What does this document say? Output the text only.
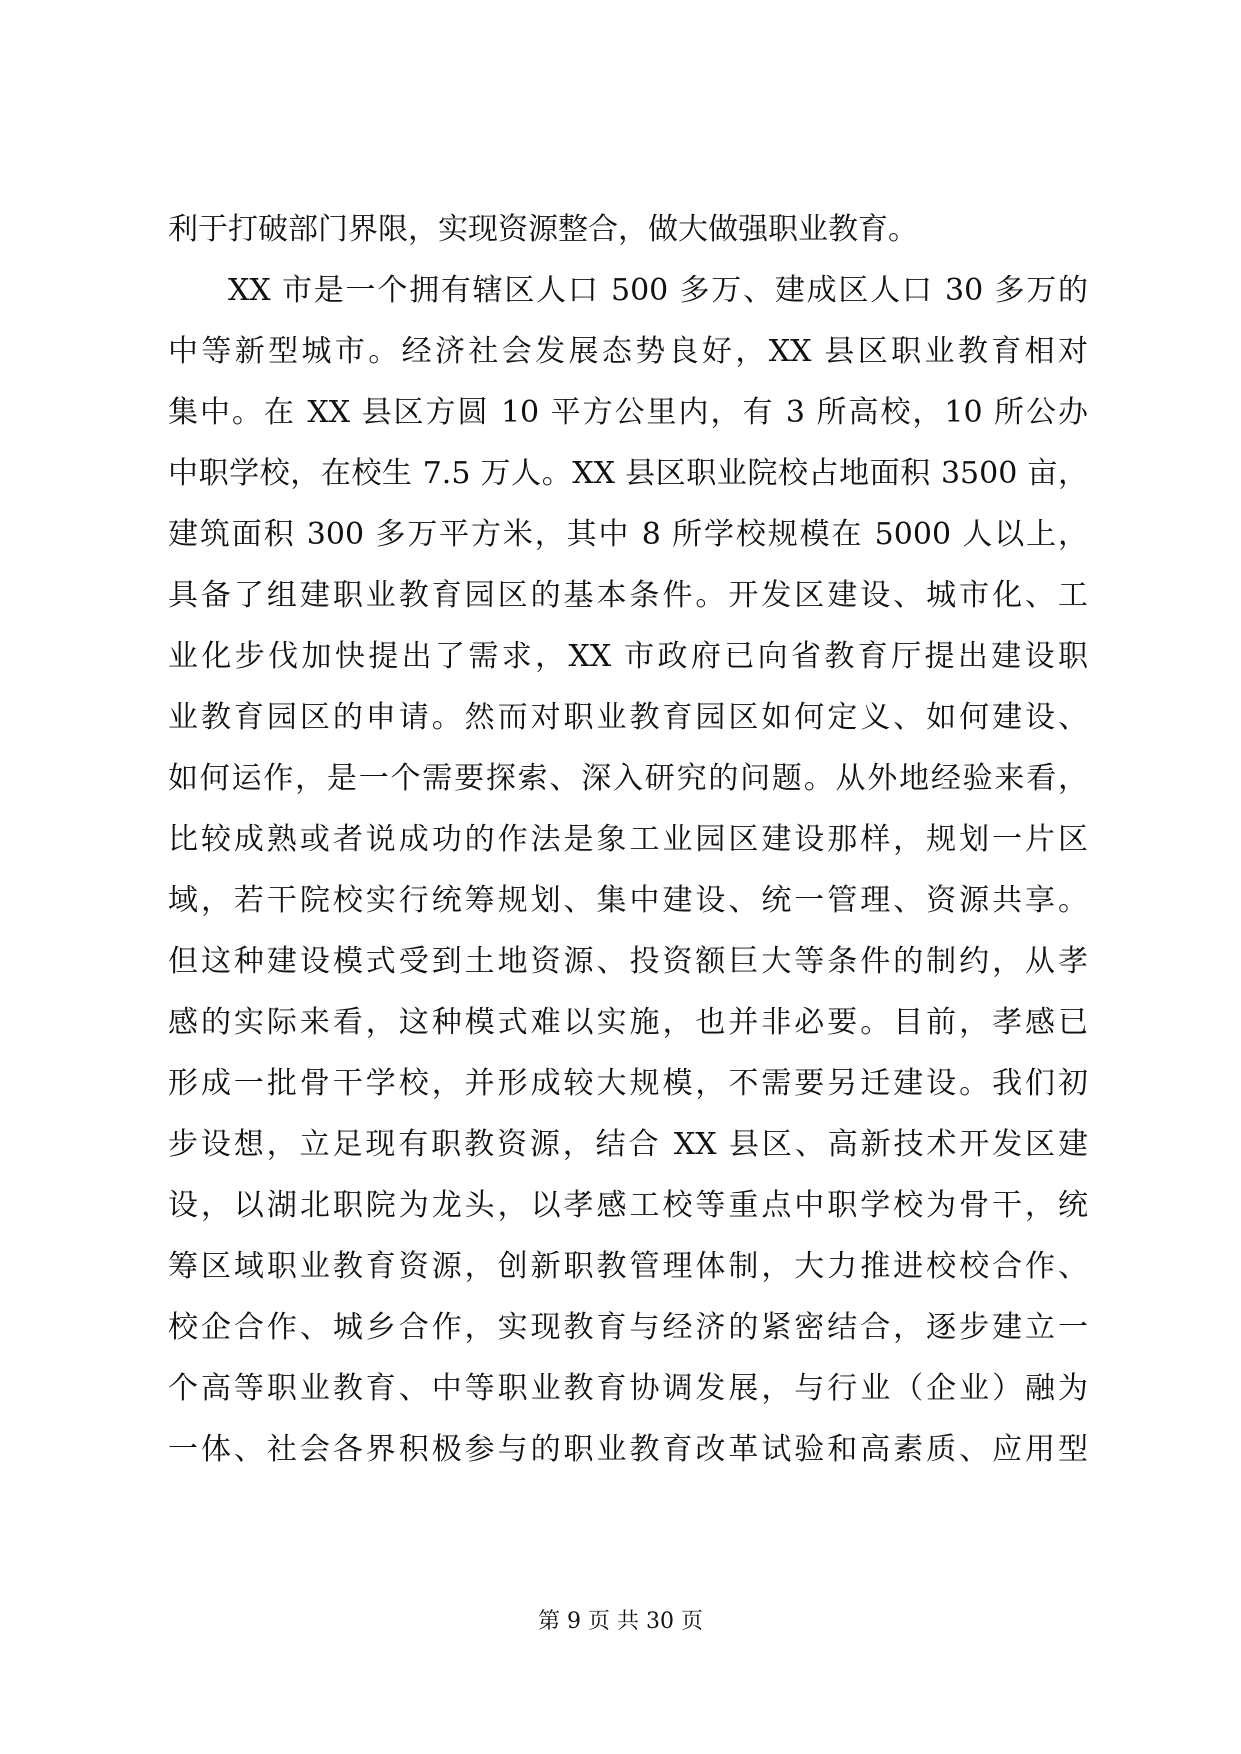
利于打破部门界限，实现资源整合，做大做强职业教育。
XX 市是一个拥有辖区人口 500 多万、建成区人口 30 多万的
中等新型城市。经济社会发展态势良好，XX 县区职业教育相对
集中。在 XX 县区方圆 10 平方公里内，有 3 所高校，10 所公办
中职学校，在校生 7.5 万人。XX 县区职业院校占地面积 3500 亩，
建筑面积 300 多万平方米，其中 8 所学校规模在 5000 人以上，
具备了组建职业教育园区的基本条件。开发区建设、城市化、工
业化步伐加快提出了需求，XX 市政府已向省教育厅提出建设职
业教育园区的申请。然而对职业教育园区如何定义、如何建设、
如何运作，是一个需要探索、深入研究的问题。从外地经验来看，
比较成熟或者说成功的作法是象工业园区建设那样，规划一片区
域，若干院校实行统筹规划、集中建设、统一管理、资源共享。
但这种建设模式受到土地资源、投资额巨大等条件的制约，从孝
感的实际来看，这种模式难以实施，也并非必要。目前，孝感已
形成一批骨干学校，并形成较大规模，不需要另迁建设。我们初
步设想，立足现有职教资源，结合 XX 县区、高新技术开发区建
设，以湖北职院为龙头，以孝感工校等重点中职学校为骨干，统
筹区域职业教育资源，创新职教管理体制，大力推进校校合作、
校企合作、城乡合作，实现教育与经济的紧密结合，逐步建立一
个高等职业教育、中等职业教育协调发展，与行业（企业）融为
一体、社会各界积极参与的职业教育改革试验和高素质、应用型
第 9 页 共 30 页
